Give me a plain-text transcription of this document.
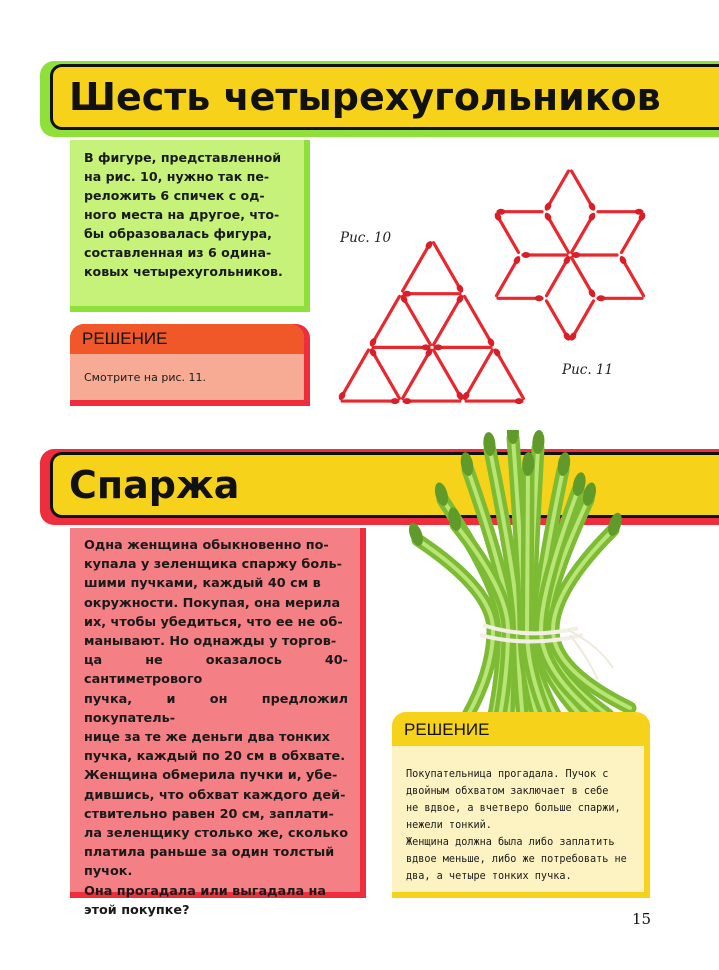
Шесть четырехугольников

В фигуре, представленной

на рис. 10, нужно так пе-

реложить 6 спичек с од-

ного места на другое, что-

бы образовалась фигура,

составленная из 6 одина-

ковых четырехугольников.

РЕШЕНИЕ
Смотрите на рис. 11.
Рис. 10
Рис. 11
Спаржа

Одна женщина обыкновенно по-

купала у зеленщика спаржу боль-

шими пучками, каждый 40 см в

окружности. Покупая, она мерила

их, чтобы убедиться, что ее не об-

манывают. Но однажды у торгов-

ца не оказалось 40-сантиметрового

пучка, и он предложил покупатель-

нице за те же деньги два тонких

пучка, каждый по 20 см в обхвате.

Женщина обмерила пучки и, убе-

дившись, что обхват каждого дей-

ствительно равен 20 см, заплати-

ла зеленщику столько же, сколько

платила раньше за один толстый

пучок.

Она прогадала или выгадала на

этой покупке?

РЕШЕНИЕ

Покупательница прогадала. Пучок с

двойным обхватом заключает в себе

не вдвое, а вчетверо больше спаржи,

нежели тонкий.

Женщина должна была либо заплатить

вдвое меньше, либо же потребовать не

два, а четыре тонких пучка.

15
